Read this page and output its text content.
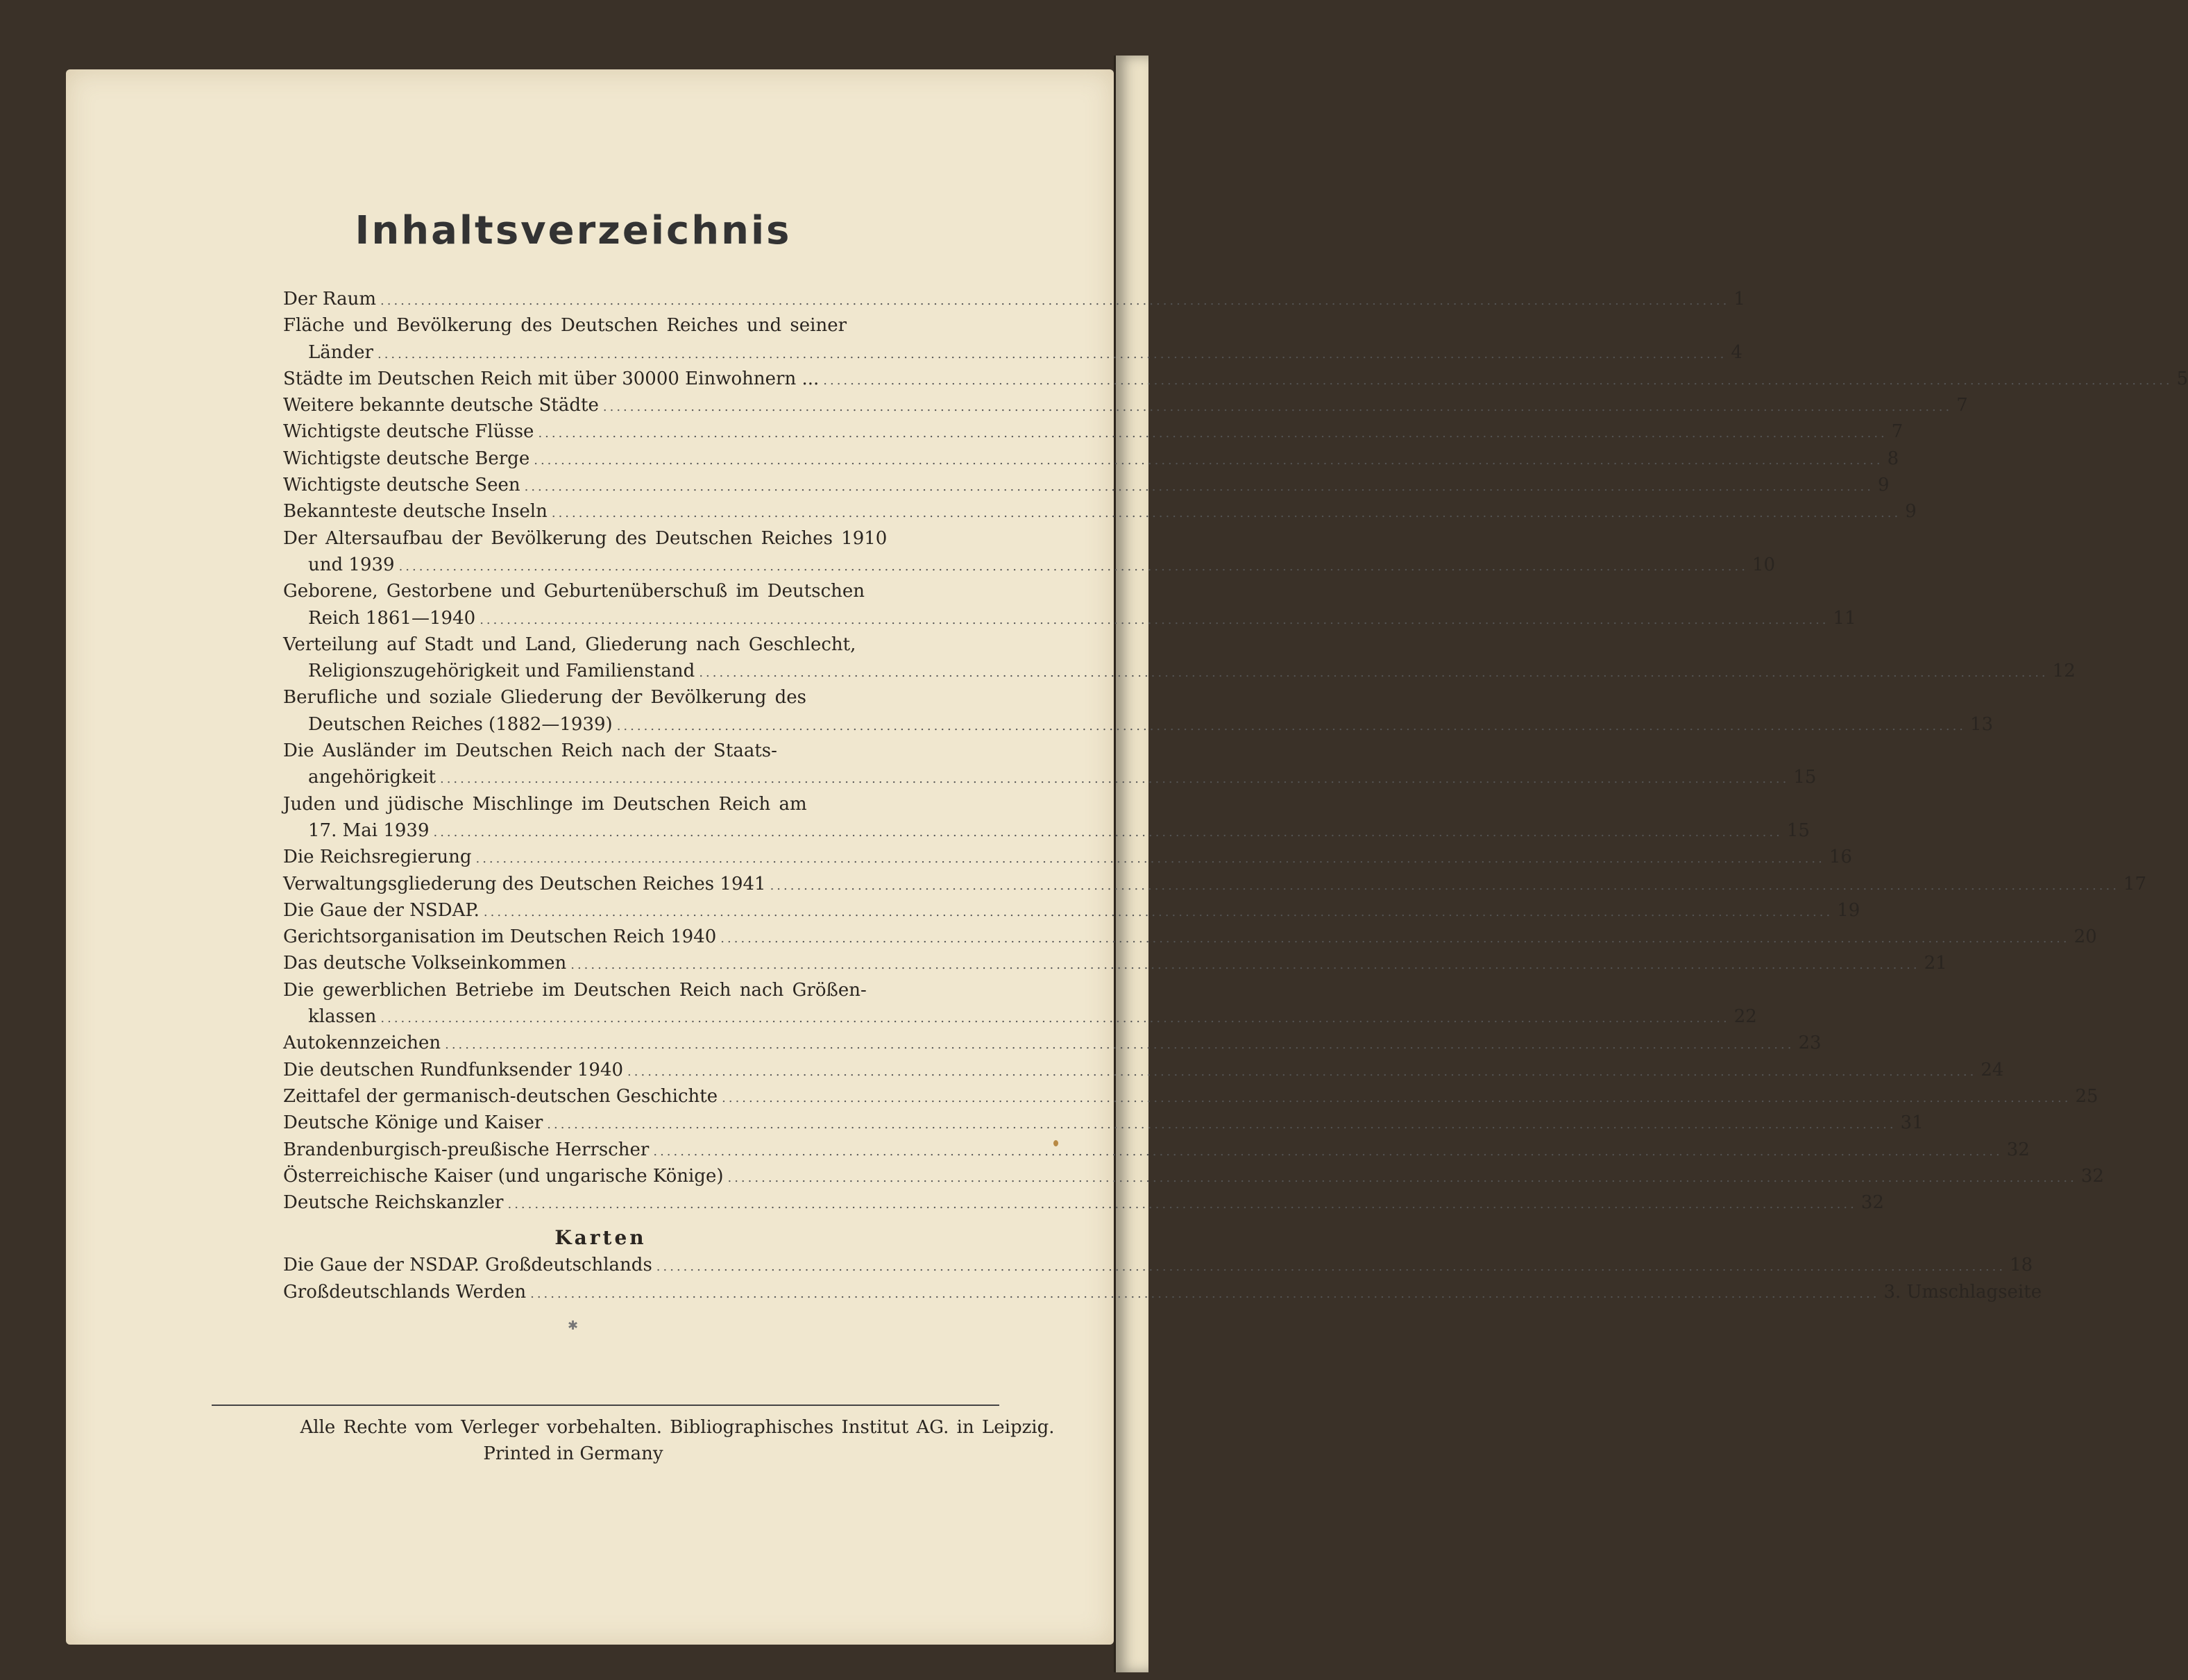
Inhaltsverzeichnis
Der Raum ........................................................................................................................................................................................................ 1
Fläche und Bevölkerung des Deutschen Reiches und seiner
Länder ........................................................................................................................................................................................................ 4
Städte im Deutschen Reich mit über 30000 Einwohnern ... ........................................................................................................................................................................................................ 5
Weitere bekannte deutsche Städte ........................................................................................................................................................................................................ 7
Wichtigste deutsche Flüsse ........................................................................................................................................................................................................ 7
Wichtigste deutsche Berge ........................................................................................................................................................................................................ 8
Wichtigste deutsche Seen ........................................................................................................................................................................................................ 9
Bekannteste deutsche Inseln ........................................................................................................................................................................................................ 9
Der Altersaufbau der Bevölkerung des Deutschen Reiches 1910
und 1939 ........................................................................................................................................................................................................ 10
Geborene, Gestorbene und Geburtenüberschuß im Deutschen
Reich 1861—1940 ........................................................................................................................................................................................................ 11
Verteilung auf Stadt und Land, Gliederung nach Geschlecht,
Religionszugehörigkeit und Familienstand ........................................................................................................................................................................................................ 12
Berufliche und soziale Gliederung der Bevölkerung des
Deutschen Reiches (1882—1939) ........................................................................................................................................................................................................ 13
Die Ausländer im Deutschen Reich nach der Staats-
angehörigkeit ........................................................................................................................................................................................................ 15
Juden und jüdische Mischlinge im Deutschen Reich am
17. Mai 1939 ........................................................................................................................................................................................................ 15
Die Reichsregierung ........................................................................................................................................................................................................ 16
Verwaltungsgliederung des Deutschen Reiches 1941 ........................................................................................................................................................................................................ 17
Die Gaue der NSDAP. ........................................................................................................................................................................................................ 19
Gerichtsorganisation im Deutschen Reich 1940 ........................................................................................................................................................................................................ 20
Das deutsche Volkseinkommen ........................................................................................................................................................................................................ 21
Die gewerblichen Betriebe im Deutschen Reich nach Größen-
klassen ........................................................................................................................................................................................................ 22
Autokennzeichen ........................................................................................................................................................................................................ 23
Die deutschen Rundfunksender 1940 ........................................................................................................................................................................................................ 24
Zeittafel der germanisch-deutschen Geschichte ........................................................................................................................................................................................................ 25
Deutsche Könige und Kaiser ........................................................................................................................................................................................................ 31
Brandenburgisch-preußische Herrscher ........................................................................................................................................................................................................ 32
Österreichische Kaiser (und ungarische Könige) ........................................................................................................................................................................................................ 32
Deutsche Reichskanzler ........................................................................................................................................................................................................ 32
Karten
Die Gaue der NSDAP. Großdeutschlands ........................................................................................................................................................................................................ 18
Großdeutschlands Werden ........................................................................................................................................................................................................ 3. Umschlagseite
✱
Alle Rechte vom Verleger vorbehalten. Bibliographisches Institut AG. in Leipzig.
Printed in Germany
